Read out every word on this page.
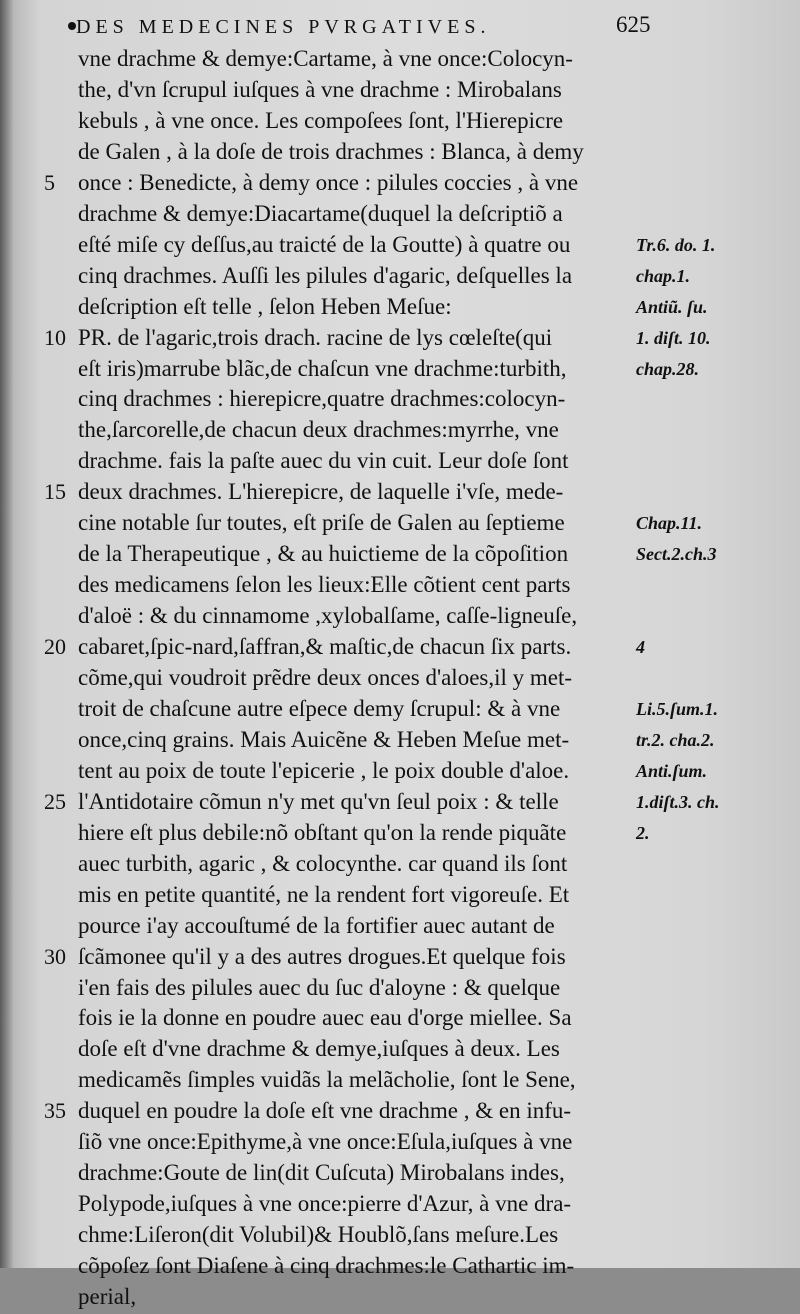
DES MEDECINES PVRGATIVES.	625
vne drachme & demye:Cartame, à vne once:Colocyn-
the, d'vn ſcrupul iuſques à vne drachme : Mirobalans
kebuls , à vne once. Les compoſees ſont, l'Hierepicre
de Galen , à la doſe de trois drachmes : Blanca, à demy
once : Benedicte, à demy once : pilules coccies , à vne
drachme & demye:Diacartame(duquel la deſcriptiõ a
eſté miſe cy deſſus,au traicté de la Goutte) à quatre ou
cinq drachmes. Auſſi les pilules d'agaric, deſquelles la
deſcription eſt telle , ſelon Heben Meſue:
PR. de l'agaric,trois drach. racine de lys cœleſte(qui
eſt iris)marrube blãc,de chaſcun vne drachme:turbith,
cinq drachmes : hierepicre,quatre drachmes:colocyn-
the,ſarcorelle,de chacun deux drachmes:myrrhe, vne
drachme. fais la paſte auec du vin cuit. Leur doſe ſont
deux drachmes. L'hierepicre, de laquelle i'vſe, mede-
cine notable ſur toutes, eſt priſe de Galen au ſeptieme
de la Therapeutique , & au huictieme de la cõpoſition
des medicamens ſelon les lieux:Elle cõtient cent parts
d'aloë : & du cinnamome ,xylobalſame, caſſe-ligneuſe,
cabaret,ſpic-nard,ſaffran,& maſtic,de chacun ſix parts.
cõme,qui voudroit prẽdre deux onces d'aloes,il y met-
troit de chaſcune autre eſpece demy ſcrupul: & à vne
once,cinq grains. Mais Auicẽne & Heben Meſue met-
tent au poix de toute l'epicerie , le poix double d'aloe.
l'Antidotaire cõmun n'y met qu'vn ſeul poix : & telle
hiere eſt plus debile:nõ obſtant qu'on la rende piquãte
auec turbith, agaric , & colocynthe. car quand ils ſont
mis en petite quantité, ne la rendent fort vigoreuſe. Et
pource i'ay accouſtumé de la fortifier auec autant de
ſcãmonee qu'il y a des autres drogues.Et quelque fois
i'en fais des pilules auec du ſuc d'aloyne : & quelque
fois ie la donne en poudre auec eau d'orge miellee. Sa
doſe eſt d'vne drachme & demye,iuſques à deux. Les
medicamẽs ſimples vuidãs la melãcholie, ſont le Sene,
duquel en poudre la doſe eſt vne drachme , & en infu-
ſiõ vne once:Epithyme,à vne once:Eſula,iuſques à vne
drachme:Goute de lin(dit Cuſcuta) Mirobalans indes,
Polypode,iuſques à vne once:pierre d'Azur, à vne dra-
chme:Liſeron(dit Volubil)& Houblõ,ſans meſure.Les
cõpoſez ſont Diaſene à cinq drachmes:le Cathartic im-
perial,
5
10
15
20
25
30
35
Tr.6. do. 1.
chap.1.
Antiũ. ſu.
1. diſt. 10.
chap.28.
Chap.11.
Sect.2.ch.3
4
Li.5.ſum.1.
tr.2. cha.2.
Anti.ſum.
1.diſt.3. ch.
2.
